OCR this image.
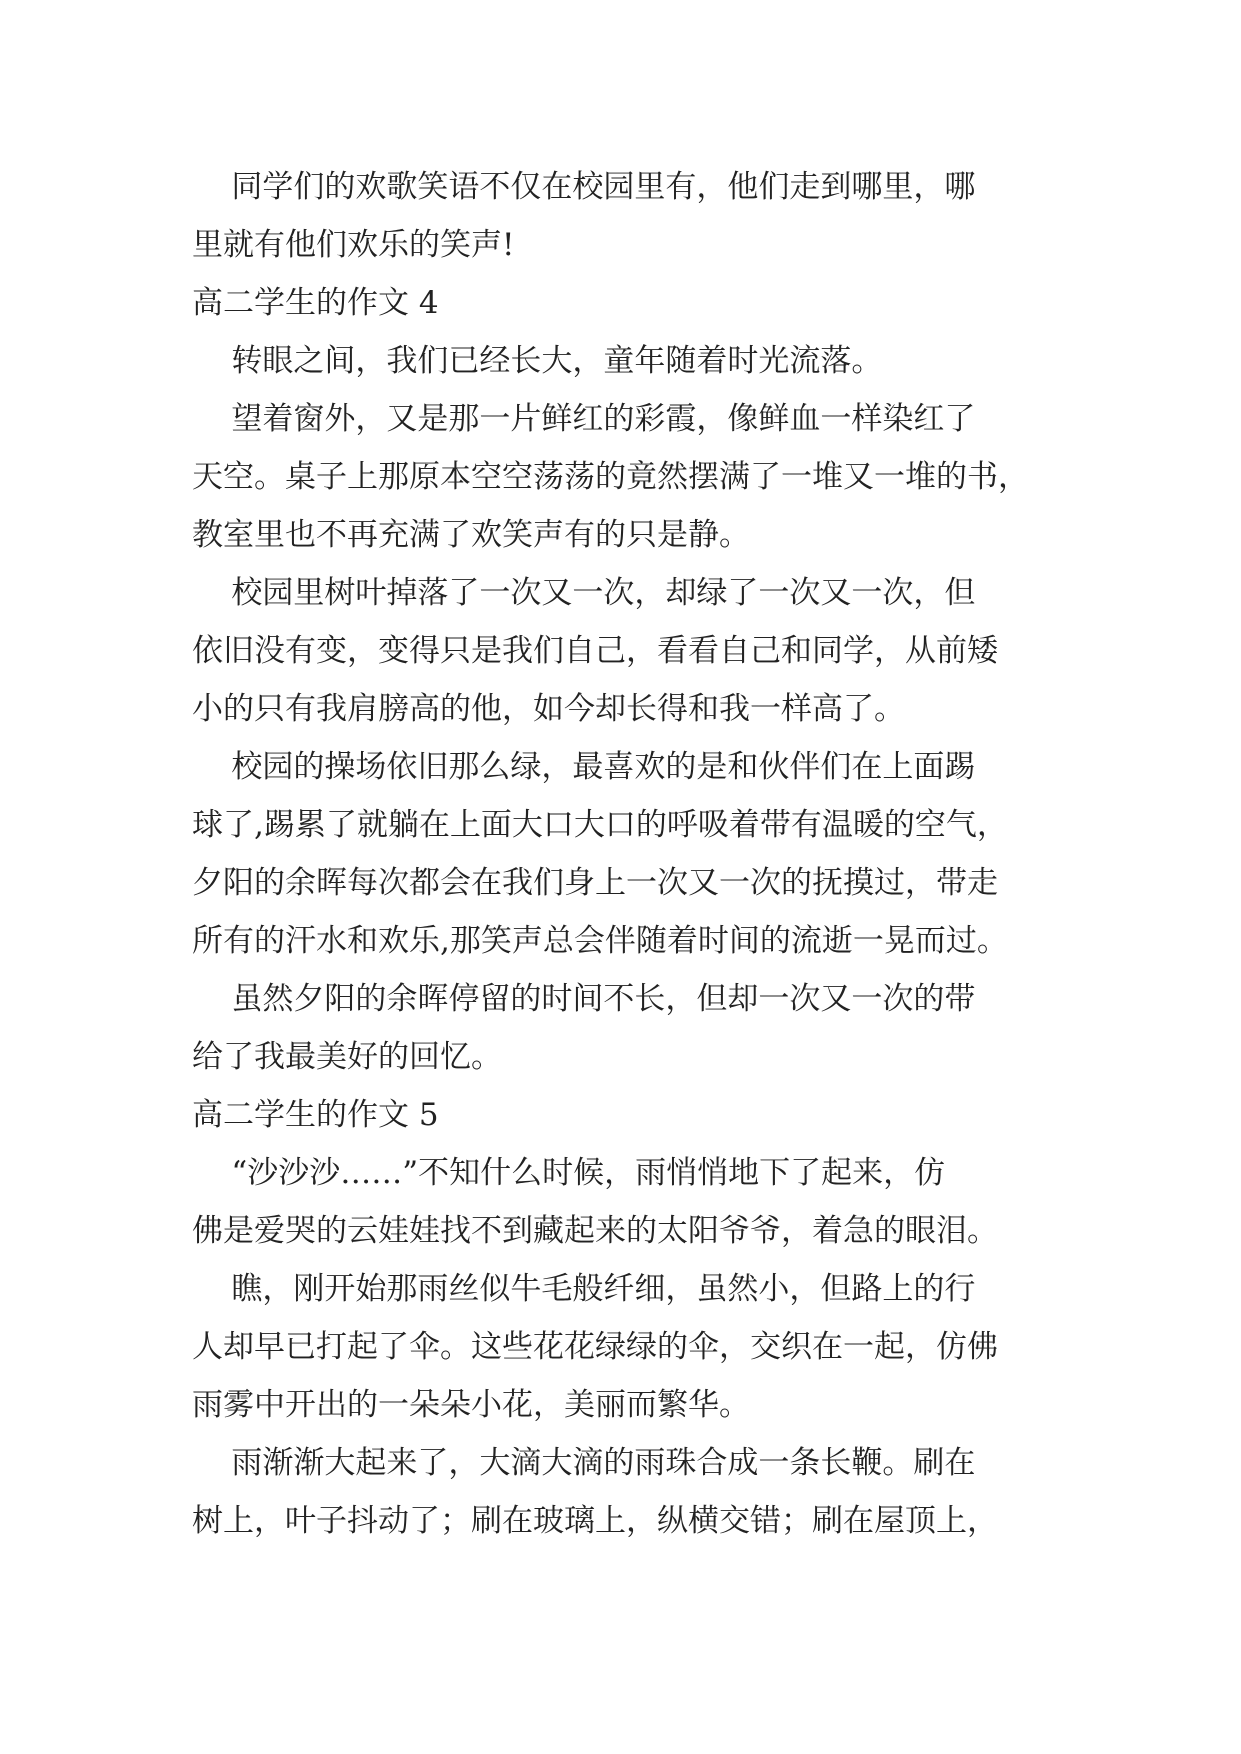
同学们的欢歌笑语不仅在校园里有，他们走到哪里，哪
里就有他们欢乐的笑声!

高二学生的作文 4

转眼之间，我们已经长大，童年随着时光流落。

望着窗外，又是那一片鲜红的彩霞，像鲜血一样染红了
天空。桌子上那原本空空荡荡的竟然摆满了一堆又一堆的书，
教室里也不再充满了欢笑声有的只是静。

校园里树叶掉落了一次又一次，却绿了一次又一次，但
依旧没有变，变得只是我们自己，看看自己和同学，从前矮
小的只有我肩膀高的他，如今却长得和我一样高了。

校园的操场依旧那么绿，最喜欢的是和伙伴们在上面踢
球了,踢累了就躺在上面大口大口的呼吸着带有温暖的空气，
夕阳的余晖每次都会在我们身上一次又一次的抚摸过，带走
所有的汗水和欢乐,那笑声总会伴随着时间的流逝一晃而过。

虽然夕阳的余晖停留的时间不长，但却一次又一次的带
给了我最美好的回忆。

高二学生的作文 5

“沙沙沙……”不知什么时候，雨悄悄地下了起来，仿
佛是爱哭的云娃娃找不到藏起来的太阳爷爷，着急的眼泪。

瞧，刚开始那雨丝似牛毛般纤细，虽然小，但路上的行
人却早已打起了伞。这些花花绿绿的伞，交织在一起，仿佛
雨雾中开出的一朵朵小花，美丽而繁华。

雨渐渐大起来了，大滴大滴的雨珠合成一条长鞭。刷在
树上，叶子抖动了；刷在玻璃上，纵横交错；刷在屋顶上，
